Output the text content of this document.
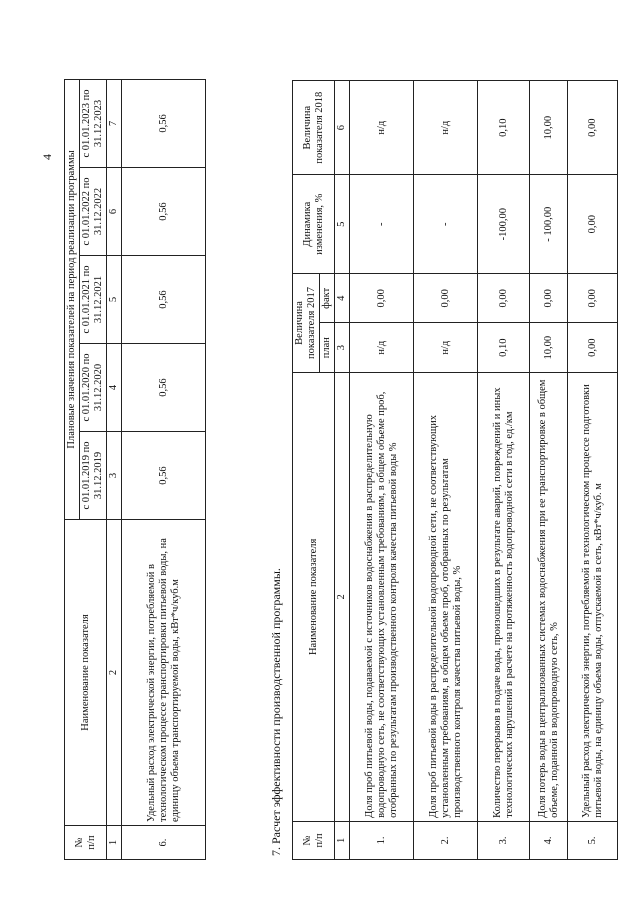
4
№
п/п	Наименование показателя	Плановые значения показателей на период реализации программы				
		с 01.01.2019 по 31.12.2019	с 01.01.2020 по 31.12.2020	с 01.01.2021 по 31.12.2021	с 01.01.2022 по 31.12.2022	с 01.01.2023 по 31.12.2023
1	2	3	4	5	6	7
6.	Удельный расход электрической энергии, потребляемой в технологическом процессе транспортировки питьевой воды, на единицу объема транспортируемой воды, кВт*ч/куб.м	0,56	0,56	0,56	0,56	0,56
7. Расчет эффективности производственной программы. №
п/п	Наименование показателя	Величина показателя 2017		Динамика изменения, %	Величина показателя 2018
		план	факт		
1	2	3	4	5	6
1.	Доля проб питьевой воды, подаваемой с источников водоснабжения в распределительную водопроводную сеть, не соответствующих установленным требованиям, в общем объеме проб, отобранных по результатам производственного контроля качества питьевой воды %	н/д	0,00	-	н/д
2.	Доля проб питьевой воды в распределительной водопроводной сети, не соответствующих установленным требованиям, в общем объеме проб, отобранных по результатам производственного контроля качества питьевой воды, %	н/д	0,00	-	н/д
3.	Количество перерывов в подаче воды, произошедших в результате аварий, повреждений и иных технологических нарушений в расчете на протяженность водопроводной сети в год, ед./км	0,10	0,00	-100,00	0,10
4.	Доля потерь воды в централизованных системах водоснабжения при ее транспортировке в общем объеме, поданной в водопроводную сеть, %	10,00	0,00	- 100,00	10,00
5.	Удельный расход электрической энергии, потребляемой в технологическом процессе подготовки питьевой воды, на единицу объема воды, отпускаемой в сеть, кВт*ч/куб. м	0,00	0,00	0,00	0,00
